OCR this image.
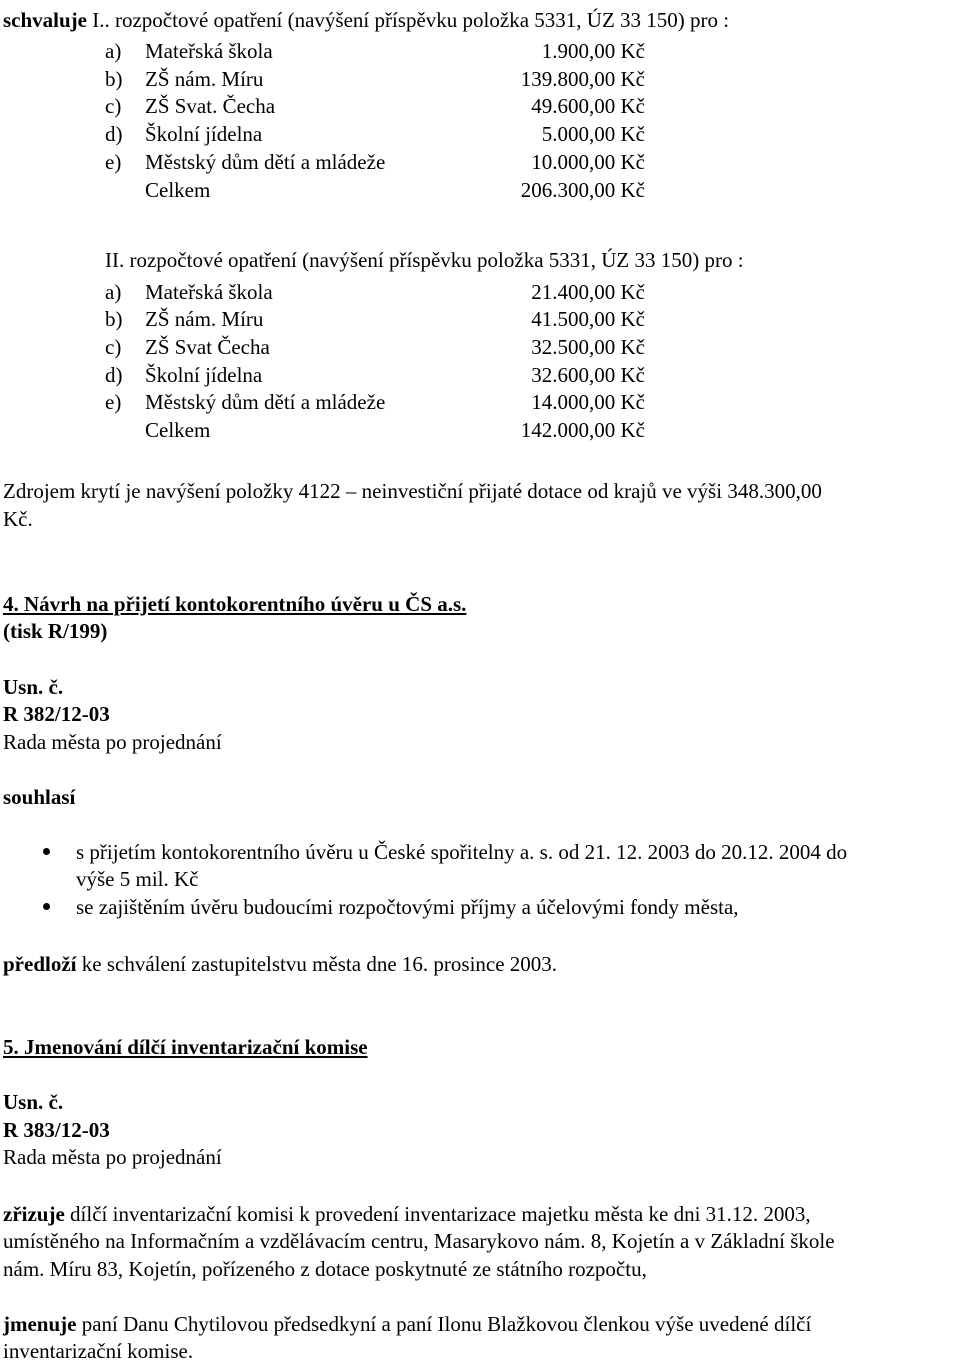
schvaluje I.. rozpočtové opatření (navýšení příspěvku položka 5331, ÚZ 33 150) pro :
a) Mateřská škola	1.900,00 Kč
b) ZŠ nám. Míru	139.800,00 Kč
c) ZŠ Svat. Čecha	49.600,00 Kč
d) Školní jídelna	5.000,00 Kč
e) Městský dům dětí a mládeže	10.000,00 Kč
Celkem	206.300,00 Kč
II. rozpočtové opatření (navýšení příspěvku položka 5331, ÚZ 33 150) pro :
a) Mateřská škola	21.400,00 Kč
b) ZŠ nám. Míru	41.500,00 Kč
c) ZŠ Svat Čecha	32.500,00 Kč
d) Školní jídelna	32.600,00 Kč
e) Městský dům dětí a mládeže	14.000,00 Kč
Celkem	142.000,00 Kč
Zdrojem krytí je navýšení položky 4122 – neinvestiční přijaté dotace od krajů ve výši 348.300,00
Kč.
4. Návrh na přijetí kontokorentního úvěru u ČS a.s.
(tisk R/199)
Usn. č.
R 382/12-03
Rada města po projednání
souhlasí
s přijetím kontokorentního úvěru u České spořitelny a. s. od 21. 12. 2003 do 20.12. 2004 do
výše 5 mil. Kč
se zajištěním úvěru budoucími rozpočtovými příjmy a účelovými fondy města,
předloží ke schválení zastupitelstvu města dne 16. prosince 2003.
5. Jmenování dílčí inventarizační komise
Usn. č.
R 383/12-03
Rada města po projednání
zřizuje dílčí inventarizační komisi k provedení inventarizace majetku města ke dni 31.12. 2003,
umístěného na Informačním a vzdělávacím centru, Masarykovo nám. 8, Kojetín a v Základní škole
nám. Míru 83, Kojetín, pořízeného z dotace poskytnuté ze státního rozpočtu,
jmenuje paní Danu Chytilovou předsedkyní a paní Ilonu Blažkovou členkou výše uvedené dílčí
inventarizační komise.
